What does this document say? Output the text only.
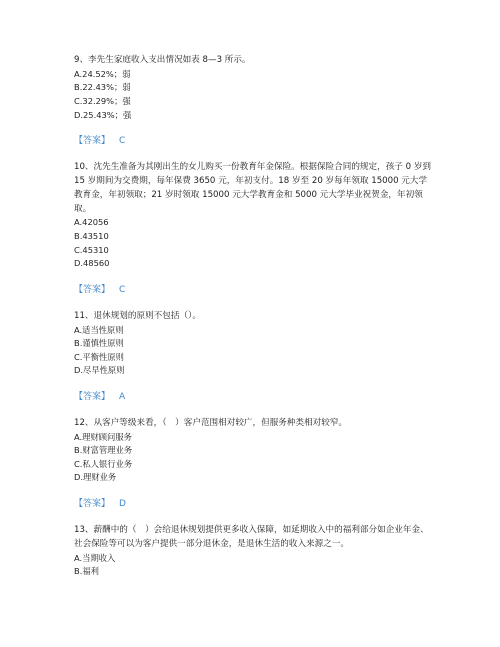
9、李先生家庭收入支出情况如表 8—3 所示。

A.24.52%；弱

B.22.43%；弱

C.32.29%；强

D.25.43%；强

【答案】 C

10、沈先生准备为其刚出生的女儿购买一份教育年金保险。根据保险合同的规定，孩子 0 岁到 15 岁期间为交费期，每年保费 3650 元，年初支付。18 岁至 20 岁每年领取 15000 元大学教育金，年初领取；21 岁时领取 15000 元大学教育金和 5000 元大学毕业祝贺金，年初领取。

A.42056

B.43510

C.45310

D.48560

【答案】 C

11、退休规划的原则不包括（）。

A.适当性原则

B.谨慎性原则

C.平衡性原则

D.尽早性原则

【答案】 A

12、从客户等级来看，（　）客户范围相对较广，但服务种类相对较窄。

A.理财顾问服务

B.财富管理业务

C.私人银行业务

D.理财业务

【答案】 D

13、薪酬中的（　）会给退休规划提供更多收入保障，如延期收入中的福利部分如企业年金、社会保险等可以为客户提供一部分退休金，是退休生活的收入来源之一。

A.当期收入

B.福利
